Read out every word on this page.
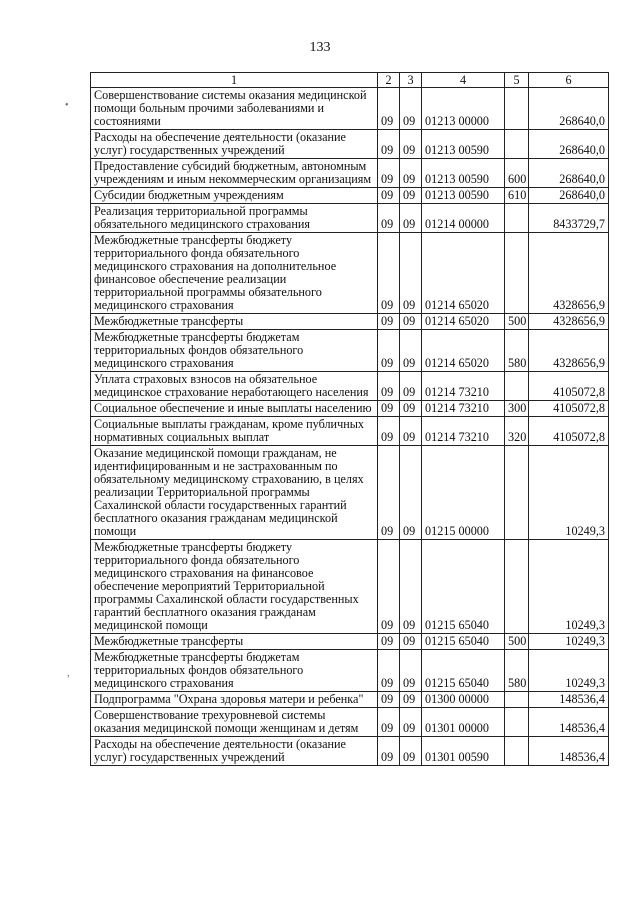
133
•
,
1	2	3	4	5	6
Совершенствование системы оказания медицинской помощи больным прочими заболеваниями и состояниями	09	09	01213 00000		268640,0
Расходы на обеспечение деятельности (оказание услуг) государственных учреждений	09	09	01213 00590		268640,0
Предоставление субсидий бюджетным, автономным учреждениям и иным некоммерческим организациям	09	09	01213 00590	600	268640,0
Субсидии бюджетным учреждениям	09	09	01213 00590	610	268640,0
Реализация территориальной программы обязательного медицинского страхования	09	09	01214 00000		8433729,7
Межбюджетные трансферты бюджету территориального фонда обязательного медицинского страхования на дополнительное финансовое обеспечение реализации территориальной программы обязательного медицинского страхования	09	09	01214 65020		4328656,9
Межбюджетные трансферты	09	09	01214 65020	500	4328656,9
Межбюджетные трансферты бюджетам территориальных фондов обязательного медицинского страхования	09	09	01214 65020	580	4328656,9
Уплата страховых взносов на обязательное медицинское страхование неработающего населения	09	09	01214 73210		4105072,8
Социальное обеспечение и иные выплаты населению	09	09	01214 73210	300	4105072,8
Социальные выплаты гражданам, кроме публичных нормативных социальных выплат	09	09	01214 73210	320	4105072,8
Оказание медицинской помощи гражданам, не идентифицированным и не застрахованным по обязательному медицинскому страхованию, в целях реализации Территориальной программы Сахалинской области государственных гарантий бесплатного оказания гражданам медицинской помощи	09	09	01215 00000		10249,3
Межбюджетные трансферты бюджету территориального фонда обязательного медицинского страхования на финансовое обеспечение мероприятий Территориальной программы Сахалинской области государственных гарантий бесплатного оказания гражданам медицинской помощи	09	09	01215 65040		10249,3
Межбюджетные трансферты	09	09	01215 65040	500	10249,3
Межбюджетные трансферты бюджетам территориальных фондов обязательного медицинского страхования	09	09	01215 65040	580	10249,3
Подпрограмма "Охрана здоровья матери и ребенка"	09	09	01300 00000		148536,4
Совершенствование трехуровневой системы оказания медицинской помощи женщинам и детям	09	09	01301 00000		148536,4
Расходы на обеспечение деятельности (оказание услуг) государственных учреждений	09	09	01301 00590		148536,4
